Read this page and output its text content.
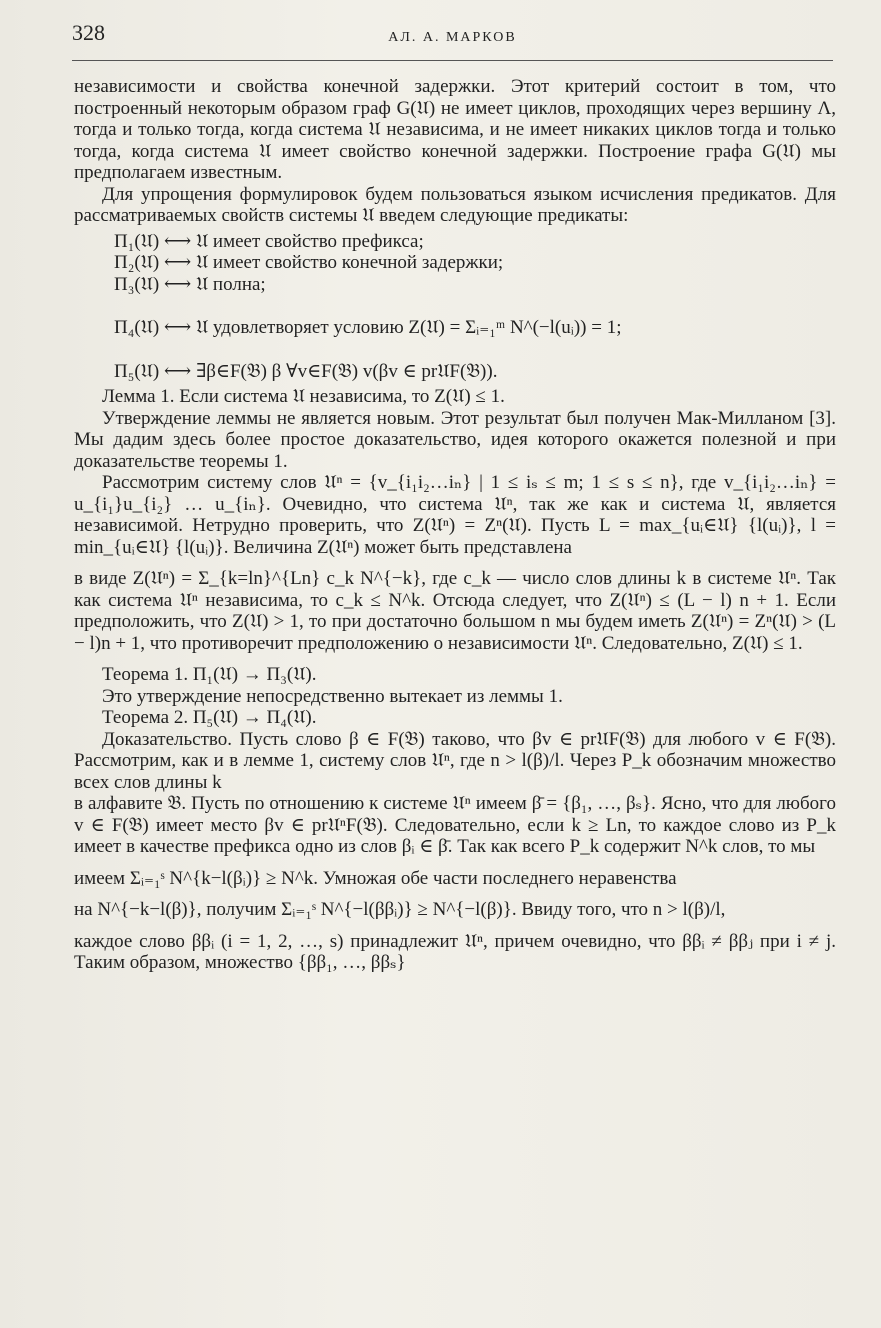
328	АЛ. А. МАРКОВ

независимости и свойства конечной задержки. Этот критерий состоит в том, что построенный некоторым образом граф G(𝔘) не имеет циклов, проходящих через вершину Λ, тогда и только тогда, когда система 𝔘 независима, и не имеет никаких циклов тогда и только тогда, когда система 𝔘 имеет свойство конечной задержки. Построение графа G(𝔘) мы предполагаем известным.

Для упрощения формулировок будем пользоваться языком исчисления предикатов. Для рассматриваемых свойств системы 𝔘 введем следующие предикаты:

Π₁(𝔘) ⟷ 𝔘 имеет свойство префикса;
Π₂(𝔘) ⟷ 𝔘 имеет свойство конечной задержки;
Π₃(𝔘) ⟷ 𝔘 полна;
Π₄(𝔘) ⟷ 𝔘 удовлетворяет условию Z(𝔘) = Σᵢ₌₁ᵐ N^(−l(uᵢ)) = 1;
Π₅(𝔘) ⟷ ∃β∈F(𝔅) β ∀v∈F(𝔅) v(βv ∈ pr𝔘F(𝔅)).

Лемма 1. Если система 𝔘 независима, то Z(𝔘) ≤ 1.

Утверждение леммы не является новым. Этот результат был получен Мак-Милланом [3]. Мы дадим здесь более простое доказательство, идея которого окажется полезной и при доказательстве теоремы 1.

Рассмотрим систему слов 𝔘ⁿ = {v_{i₁i₂…iₙ} | 1 ≤ iₛ ≤ m; 1 ≤ s ≤ n}, где v_{i₁i₂…iₙ} = u_{i₁}u_{i₂} … u_{iₙ}. Очевидно, что система 𝔘ⁿ, так же как и система 𝔘, является независимой. Нетрудно проверить, что Z(𝔘ⁿ) = Zⁿ(𝔘). Пусть L = max_{uᵢ∈𝔘} {l(uᵢ)}, l = min_{uᵢ∈𝔘} {l(uᵢ)}. Величина Z(𝔘ⁿ) может быть представлена

в виде Z(𝔘ⁿ) = Σ_{k=ln}^{Ln} c_k N^{−k}, где c_k — число слов длины k в системе 𝔘ⁿ. Так как система 𝔘ⁿ независима, то c_k ≤ N^k. Отсюда следует, что Z(𝔘ⁿ) ≤ (L − l) n + 1. Если предположить, что Z(𝔘) > 1, то при достаточно большом n мы будем иметь Z(𝔘ⁿ) = Zⁿ(𝔘) > (L − l)n + 1, что противоречит предположению о независимости 𝔘ⁿ. Следовательно, Z(𝔘) ≤ 1.

Теорема 1. Π₁(𝔘) → Π₃(𝔘).

Это утверждение непосредственно вытекает из леммы 1.

Теорема 2. Π₅(𝔘) → Π₄(𝔘).

Доказательство. Пусть слово β ∈ F(𝔅) таково, что βv ∈ pr𝔘F(𝔅) для любого v ∈ F(𝔅). Рассмотрим, как и в лемме 1, систему слов 𝔘ⁿ, где n > l(β)/l. Через P_k обозначим множество всех слов длины k

в алфавите 𝔅. Пусть по отношению к системе 𝔘ⁿ имеем β̄ = {β₁, …, βₛ}. Ясно, что для любого v ∈ F(𝔅) имеет место βv ∈ pr𝔘ⁿF(𝔅). Следовательно, если k ≥ Ln, то каждое слово из P_k имеет в качестве префикса одно из слов βᵢ ∈ β̄. Так как всего P_k содержит N^k слов, то мы

имеем Σᵢ₌₁ˢ N^{k−l(βᵢ)} ≥ N^k. Умножая обе части последнего неравенства

на N^{−k−l(β)}, получим Σᵢ₌₁ˢ N^{−l(ββᵢ)} ≥ N^{−l(β)}. Ввиду того, что n > l(β)/l,

каждое слово ββᵢ (i = 1, 2, …, s) принадлежит 𝔘ⁿ, причем очевидно, что ββᵢ ≠ ββⱼ при i ≠ j. Таким образом, множество {ββ₁, …, ββₛ}
